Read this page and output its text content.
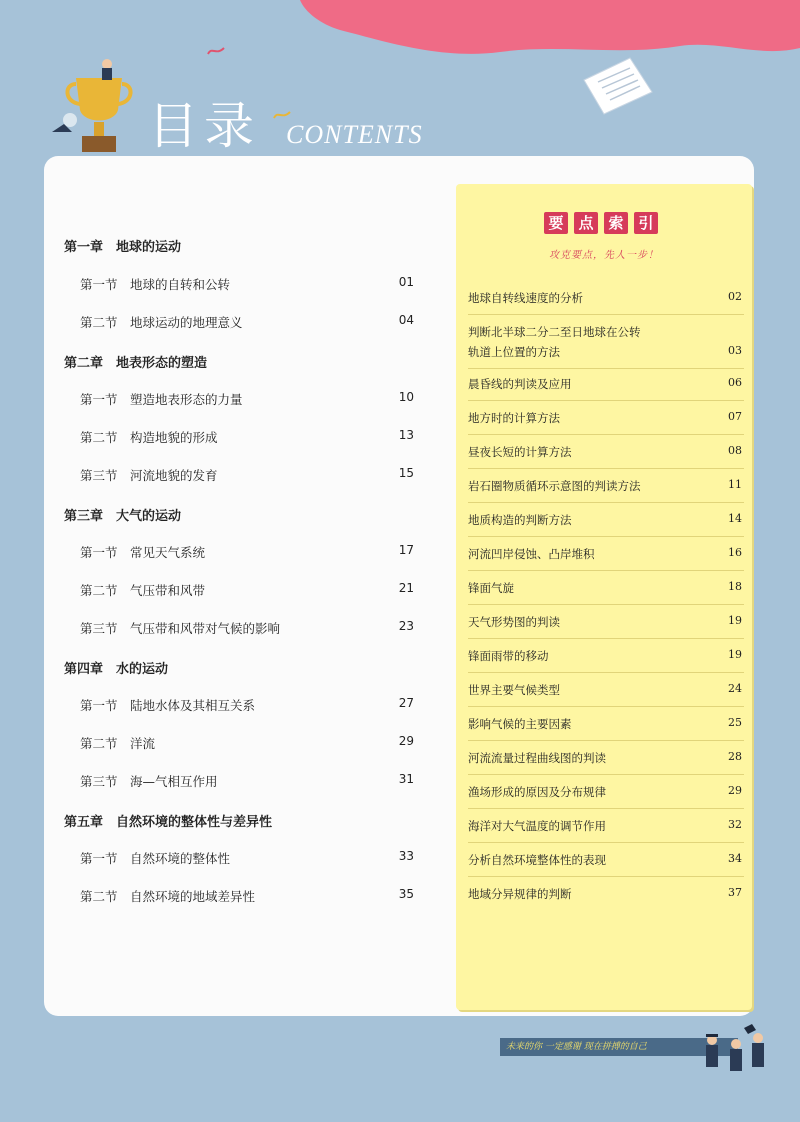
目录 CONTENTS
第一章　地球的运动
第一节　地球的自转和公转	01
第二节　地球运动的地理意义	04
第二章　地表形态的塑造
第一节　塑造地表形态的力量	10
第二节　构造地貌的形成	13
第三节　河流地貌的发育	15
第三章　大气的运动
第一节　常见天气系统	17
第二节　气压带和风带	21
第三节　气压带和风带对气候的影响	23
第四章　水的运动
第一节　陆地水体及其相互关系	27
第二节　洋流	29
第三节　海—气相互作用	31
第五章　自然环境的整体性与差异性
第一节　自然环境的整体性	33
第二节　自然环境的地域差异性	35
要 点 索 引
攻克要点，先人一步！
地球自转线速度的分析	02
判断北半球二分二至日地球在公转
轨道上位置的方法	03
晨昏线的判读及应用	06
地方时的计算方法	07
昼夜长短的计算方法	08
岩石圈物质循环示意图的判读方法	11
地质构造的判断方法	14
河流凹岸侵蚀、凸岸堆积	16
锋面气旋	18
天气形势图的判读	19
锋面雨带的移动	19
世界主要气候类型	24
影响气候的主要因素	25
河流流量过程曲线图的判读	28
渔场形成的原因及分布规律	29
海洋对大气温度的调节作用	32
分析自然环境整体性的表现	34
地域分异规律的判断	37
未来的你 一定感谢 现在拼搏的自己
